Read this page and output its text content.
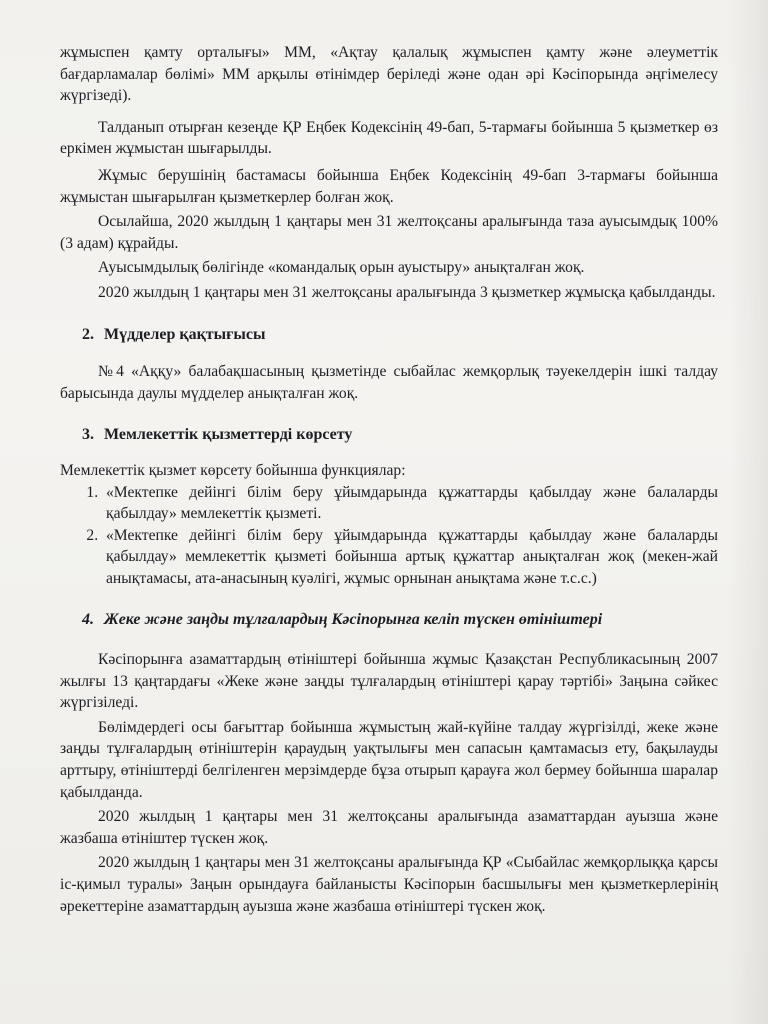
жұмыспен қамту орталығы» ММ, «Ақтау қалалық жұмыспен қамту және әлеуметтік бағдарламалар бөлімі» ММ арқылы өтінімдер беріледі және одан әрі Кәсіпорында әңгімелесу жүргізеді).

Талданып отырған кезеңде ҚР Еңбек Кодексінің 49-бап, 5-тармағы бойынша 5 қызметкер өз еркімен жұмыстан шығарылды.

Жұмыс берушінің бастамасы бойынша Еңбек Кодексінің 49-бап 3-тармағы бойынша жұмыстан шығарылған қызметкерлер болған жоқ.

Осылайша, 2020 жылдың 1 қаңтары мен 31 желтоқсаны аралығында таза ауысымдық 100% (3 адам) құрайды.

Ауысымдылық бөлігінде «командалық орын ауыстыру» анықталған жоқ.

2020 жылдың 1 қаңтары мен 31 желтоқсаны аралығында 3 қызметкер жұмысқа қабылданды.

2. Мүдделер қақтығысы

№4 «Аққу» балабақшасының қызметінде сыбайлас жемқорлық тәуекелдерін ішкі талдау барысында даулы мүдделер анықталған жоқ.

3. Мемлекеттік қызметтерді көрсету

Мемлекеттік қызмет көрсету бойынша функциялар:

1. «Мектепке дейінгі білім беру ұйымдарында құжаттарды қабылдау және балаларды қабылдау» мемлекеттік қызметі.
2. «Мектепке дейінгі білім беру ұйымдарында құжаттарды қабылдау және балаларды қабылдау» мемлекеттік қызметі бойынша артық құжаттар анықталған жоқ (мекен-жай анықтамасы, ата-анасының куәлігі, жұмыс орнынан анықтама және т.с.с.)

4. Жеке және заңды тұлғалардың Кәсіпорынға келіп түскен өтініштері

Кәсіпорынға азаматтардың өтініштері бойынша жұмыс Қазақстан Республикасының 2007 жылғы 13 қаңтардағы «Жеке және заңды тұлғалардың өтініштері қарау тәртібі» Заңына сәйкес жүргізіледі.

Бөлімдердегі осы бағыттар бойынша жұмыстың жай-күйіне талдау жүргізілді, жеке және заңды тұлғалардың өтініштерін қараудың уақтылығы мен сапасын қамтамасыз ету, бақылауды арттыру, өтініштерді белгіленген мерзімдерде бұза отырып қарауға жол бермеу бойынша шаралар қабылданда.

2020 жылдың 1 қаңтары мен 31 желтоқсаны аралығында азаматтардан ауызша және жазбаша өтініштер түскен жоқ.

2020 жылдың 1 қаңтары мен 31 желтоқсаны аралығында ҚР «Сыбайлас жемқорлыққа қарсы іс-қимыл туралы» Заңын орындауға байланысты Кәсіпорын басшылығы мен қызметкерлерінің әрекеттеріне азаматтардың ауызша және жазбаша өтініштері түскен жоқ.
